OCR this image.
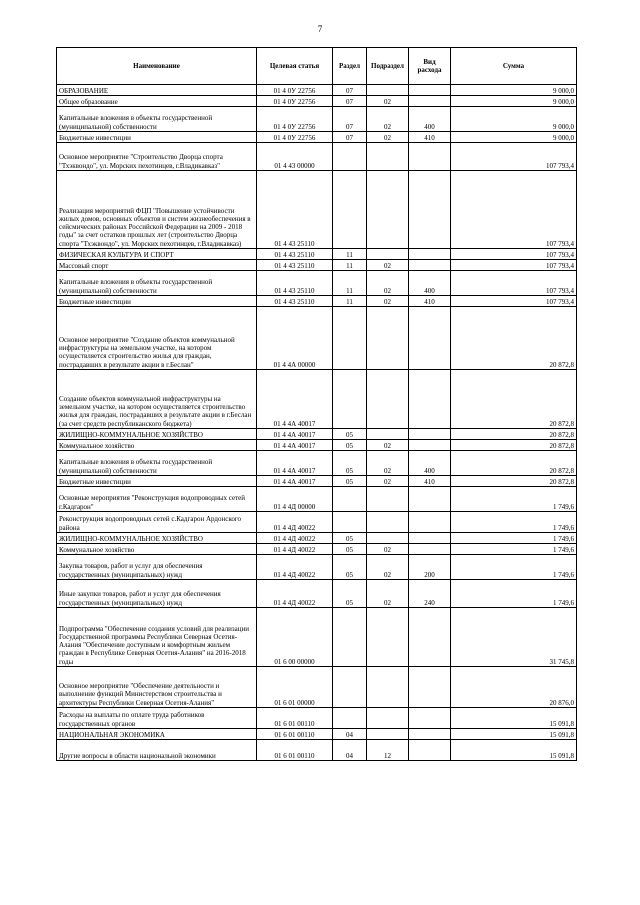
7
Наименование	Целевая статья	Раздел	Подраздел	Вид расхода	Сумма
ОБРАЗОВАНИЕ	01 4 0У 22756	07			9 000,0
Общее образование	01 4 0У 22756	07	02		9 000,0
Капитальные вложения в объекты государственной (муниципальной) собственности	01 4 0У 22756	07	02	400	9 000,0
Бюджетные инвестиции	01 4 0У 22756	07	02	410	9 000,0
Основное мероприятие "Строительство Дворца спорта "Тхэквондо", ул. Морских пехотинцев, г.Владикавказ"	01 4 43 00000				107 793,4
Реализация мероприятий ФЦП "Повышение устойчивости жилых домов, основных объектов и систем жизнеобеспечения в сейсмических районах Российской Федерации на 2009 - 2018 годы" за счет остатков прошлых лет (строительство Дворца спорта "Тхэквондо", ул. Морских пехотинцев, г.Владикавказ)	01 4 43 25110				107 793,4
ФИЗИЧЕСКАЯ КУЛЬТУРА И СПОРТ	01 4 43 25110	11			107 793,4
Массовый спорт	01 4 43 25110	11	02		107 793,4
Капитальные вложения в объекты государственной (муниципальной) собственности	01 4 43 25110	11	02	400	107 793,4
Бюджетные инвестиции	01 4 43 25110	11	02	410	107 793,4
Основное мероприятие "Создание объектов коммунальной инфраструктуры на земельном участке, на котором осуществляется строительство жилья для граждан, пострадавших в результате акции в г.Беслан"	01 4 4А 00000				20 872,8
Создание объектов коммунальной инфраструктуры на земельном участке, на котором осуществляется строительство жилья для граждан, пострадавших в результате акции в г.Беслан (за счет средств республиканского бюджета)	01 4 4А 40017				20 872,8
ЖИЛИЩНО-КОММУНАЛЬНОЕ ХОЗЯЙСТВО	01 4 4А 40017	05			20 872,8
Коммунальное хозяйство	01 4 4А 40017	05	02		20 872,8
Капитальные вложения в объекты государственной (муниципальной) собственности	01 4 4А 40017	05	02	400	20 872,8
Бюджетные инвестиции	01 4 4А 40017	05	02	410	20 872,8
Основные мероприятия "Реконструкция водопроводных сетей г.Кадгарон"	01 4 4Д 00000				1 749,6
Реконструкция водопроводных сетей с.Кадгарон Ардонского района	01 4 4Д 40022				1 749,6
ЖИЛИЩНО-КОММУНАЛЬНОЕ ХОЗЯЙСТВО	01 4 4Д 40022	05			1 749,6
Коммунальное хозяйство	01 4 4Д 40022	05	02		1 749,6
Закупка товаров, работ и услуг для обеспечения государственных (муниципальных) нужд	01 4 4Д 40022	05	02	200	1 749,6
Иные закупки товаров, работ и услуг для обеспечения государственных (муниципальных) нужд	01 4 4Д 40022	05	02	240	1 749,6
Подпрограмма "Обеспечение создания условий для реализации Государственной программы Республики Северная Осетия-Алания "Обеспечение доступным и комфортным жильем граждан в Республике Северная Осетия-Алания" на 2016-2018 годы	01 6 00 00000				31 745,8
Основное мероприятие "Обеспечение деятельности и выполнение функций Министерством строительства и архитектуры Республики Северная Осетия-Алания"	01 6 01 00000				20 876,0
Расходы на выплаты по оплате труда работников государственных органов	01 6 01 00110				15 091,8
НАЦИОНАЛЬНАЯ ЭКОНОМИКА	01 6 01 00110	04			15 091,8
Другие вопросы в области национальной экономики	01 6 01 00110	04	12		15 091,8
